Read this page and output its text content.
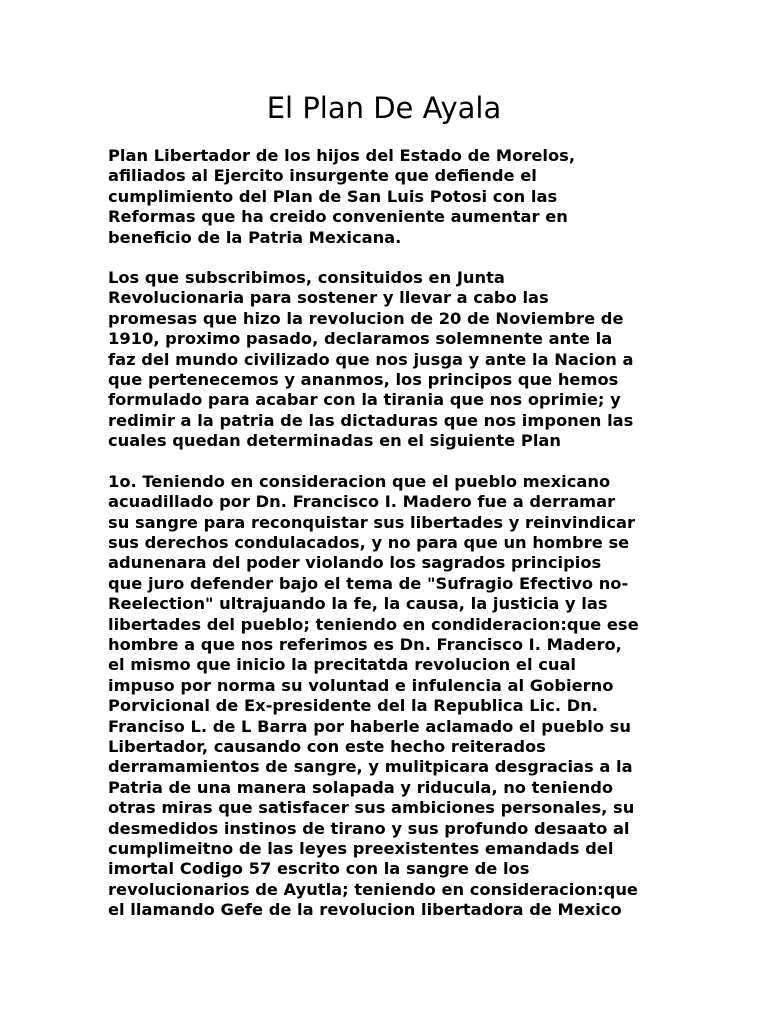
El Plan De Ayala

Plan Libertador de los hijos del Estado de Morelos,
afiliados al Ejercito insurgente que defiende el
cumplimiento del Plan de San Luis Potosi con las
Reformas que ha creido conveniente aumentar en
beneficio de la Patria Mexicana.

Los que subscribimos, consituidos en Junta
Revolucionaria para sostener y llevar a cabo las
promesas que hizo la revolucion de 20 de Noviembre de
1910, proximo pasado, declaramos solemnente ante la
faz del mundo civilizado que nos jusga y ante la Nacion a
que pertenecemos y ananmos, los principos que hemos
formulado para acabar con la tirania que nos oprimie; y
redimir a la patria de las dictaduras que nos imponen las
cuales quedan determinadas en el siguiente Plan

1o. Teniendo en consideracion que el pueblo mexicano
acuadillado por Dn. Francisco I. Madero fue a derramar
su sangre para reconquistar sus libertades y reinvindicar
sus derechos condulacados, y no para que un hombre se
adunenara del poder violando los sagrados principios
que juro defender bajo el tema de "Sufragio Efectivo no-
Reelection" ultrajuando la fe, la causa, la justicia y las
libertades del pueblo; teniendo en condideracion:que ese
hombre a que nos referimos es Dn. Francisco I. Madero,
el mismo que inicio la precitatda revolucion el cual
impuso por norma su voluntad e infulencia al Gobierno
Porvicional de Ex-presidente del la Republica Lic. Dn.
Franciso L. de L Barra por haberle aclamado el pueblo su
Libertador, causando con este hecho reiterados
derramamientos de sangre, y mulitpicara desgracias a la
Patria de una manera solapada y riducula, no teniendo
otras miras que satisfacer sus ambiciones personales, su
desmedidos instinos de tirano y sus profundo desaato al
cumplimeitno de las leyes preexistentes emandads del
imortal Codigo 57 escrito con la sangre de los
revolucionarios de Ayutla; teniendo en consideracion:que
el llamando Gefe de la revolucion libertadora de Mexico
